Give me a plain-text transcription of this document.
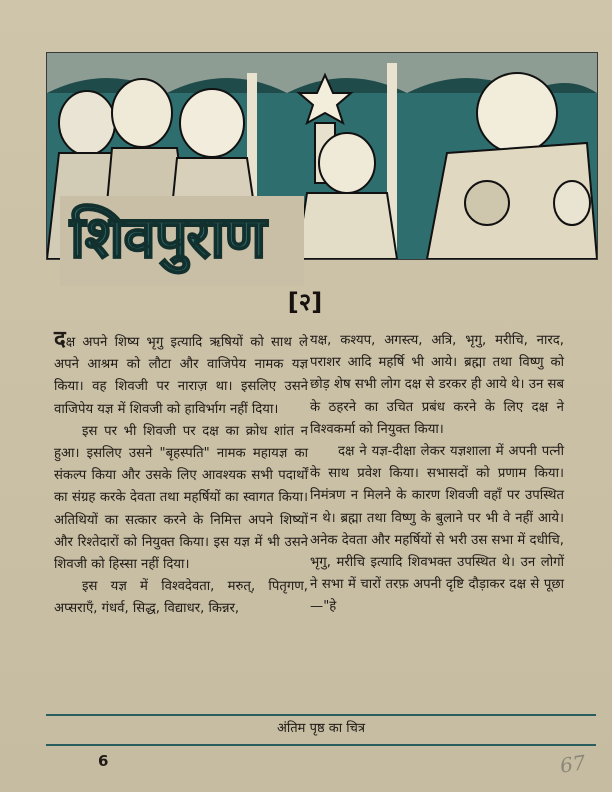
शिवपुराण
[२]

दक्ष अपने शिष्य भृगु इत्यादि ऋषियों को साथ ले अपने आश्रम को लौटा और वाजिपेय नामक यज्ञ किया। वह शिवजी पर नाराज़ था। इसलिए उसने वाजिपेय यज्ञ में शिवजी को हाविर्भाग नहीं दिया।

इस पर भी शिवजी पर दक्ष का क्रोध शांत न हुआ। इसलिए उसने "बृहस्पति" नामक महायज्ञ का संकल्प किया और उसके लिए आवश्यक सभी पदार्थों का संग्रह करके देवता तथा महर्षियों का स्वागत किया। अतिथियों का सत्कार करने के निमित्त अपने शिष्यों और रिश्तेदारों को नियुक्त किया। इस यज्ञ में भी उसने शिवजी को हिस्सा नहीं दिया।

इस यज्ञ में विश्वदेवता, मरुत्, पितृगण, अप्सराएँ, गंधर्व, सिद्ध, विद्याधर, किन्नर,

यक्ष, कश्यप, अगस्त्य, अत्रि, भृगु, मरीचि, नारद, पराशर आदि महर्षि भी आये। ब्रह्मा तथा विष्णु को छोड़ शेष सभी लोग दक्ष से डरकर ही आये थे। उन सब के ठहरने का उचित प्रबंध करने के लिए दक्ष ने विश्वकर्मा को नियुक्त किया।

दक्ष ने यज्ञ-दीक्षा लेकर यज्ञशाला में अपनी पत्नी के साथ प्रवेश किया। सभासदों को प्रणाम किया। निमंत्रण न मिलने के कारण शिवजी वहाँ पर उपस्थित न थे। ब्रह्मा तथा विष्णु के बुलाने पर भी वे नहीं आये। अनेक देवता और महर्षियों से भरी उस सभा में दधीचि, भृगु, मरीचि इत्यादि शिवभक्त उपस्थित थे। उन लोगों ने सभा में चारों तरफ़ अपनी दृष्टि दौड़ाकर दक्ष से पूछा—"हे

अंतिम पृष्ठ का चित्र
6	67
